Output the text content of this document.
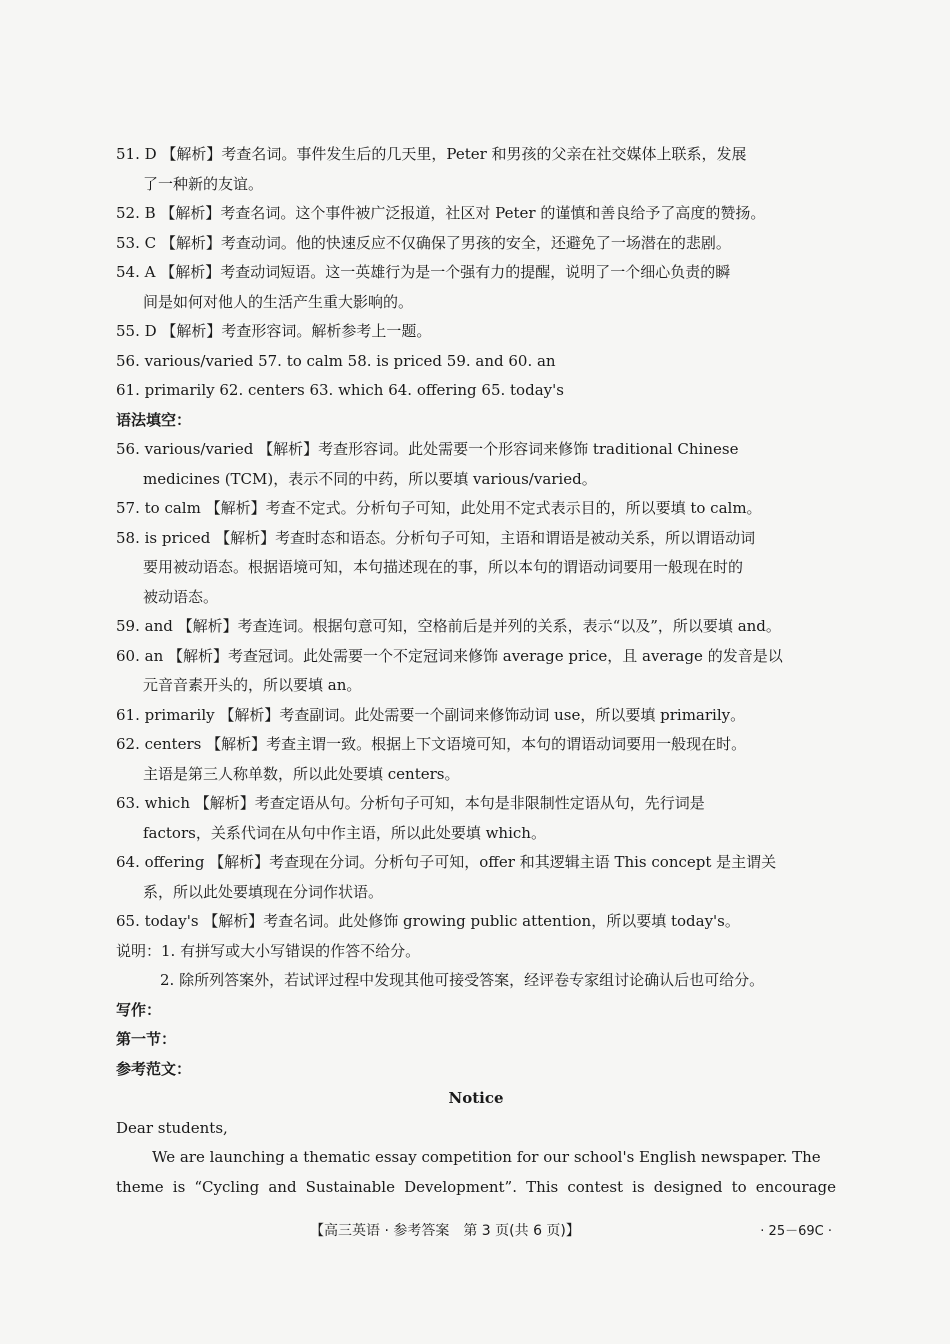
51. D 【解析】考查名词。事件发生后的几天里，Peter 和男孩的父亲在社交媒体上联系，发展
了一种新的友谊。
52. B 【解析】考查名词。这个事件被广泛报道，社区对 Peter 的谨慎和善良给予了高度的赞扬。
53. C 【解析】考查动词。他的快速反应不仅确保了男孩的安全，还避免了一场潜在的悲剧。
54. A 【解析】考查动词短语。这一英雄行为是一个强有力的提醒，说明了一个细心负责的瞬
间是如何对他人的生活产生重大影响的。
55. D 【解析】考查形容词。解析参考上一题。
56. various/varied 57. to calm 58. is priced 59. and 60. an
61. primarily 62. centers 63. which 64. offering 65. today's
语法填空：
56. various/varied 【解析】考查形容词。此处需要一个形容词来修饰 traditional Chinese
medicines (TCM)，表示不同的中药，所以要填 various/varied。
57. to calm 【解析】考查不定式。分析句子可知，此处用不定式表示目的，所以要填 to calm。
58. is priced 【解析】考查时态和语态。分析句子可知，主语和谓语是被动关系，所以谓语动词
要用被动语态。根据语境可知，本句描述现在的事，所以本句的谓语动词要用一般现在时的
被动语态。
59. and 【解析】考查连词。根据句意可知，空格前后是并列的关系，表示“以及”，所以要填 and。
60. an 【解析】考查冠词。此处需要一个不定冠词来修饰 average price，且 average 的发音是以
元音音素开头的，所以要填 an。
61. primarily 【解析】考查副词。此处需要一个副词来修饰动词 use，所以要填 primarily。
62. centers 【解析】考查主谓一致。根据上下文语境可知，本句的谓语动词要用一般现在时。
主语是第三人称单数，所以此处要填 centers。
63. which 【解析】考查定语从句。分析句子可知，本句是非限制性定语从句，先行词是
factors，关系代词在从句中作主语，所以此处要填 which。
64. offering 【解析】考查现在分词。分析句子可知，offer 和其逻辑主语 This concept 是主谓关
系，所以此处要填现在分词作状语。
65. today's 【解析】考查名词。此处修饰 growing public attention，所以要填 today's。
说明：1. 有拼写或大小写错误的作答不给分。
2. 除所列答案外，若试评过程中发现其他可接受答案，经评卷专家组讨论确认后也可给分。
写作：
第一节：
参考范文：
Notice
Dear students,
We are launching a thematic essay competition for our school's English newspaper. The
theme is “Cycling and Sustainable Development”. This contest is designed to encourage
【高三英语 · 参考答案　第 3 页(共 6 页)】	· 25－69C ·
